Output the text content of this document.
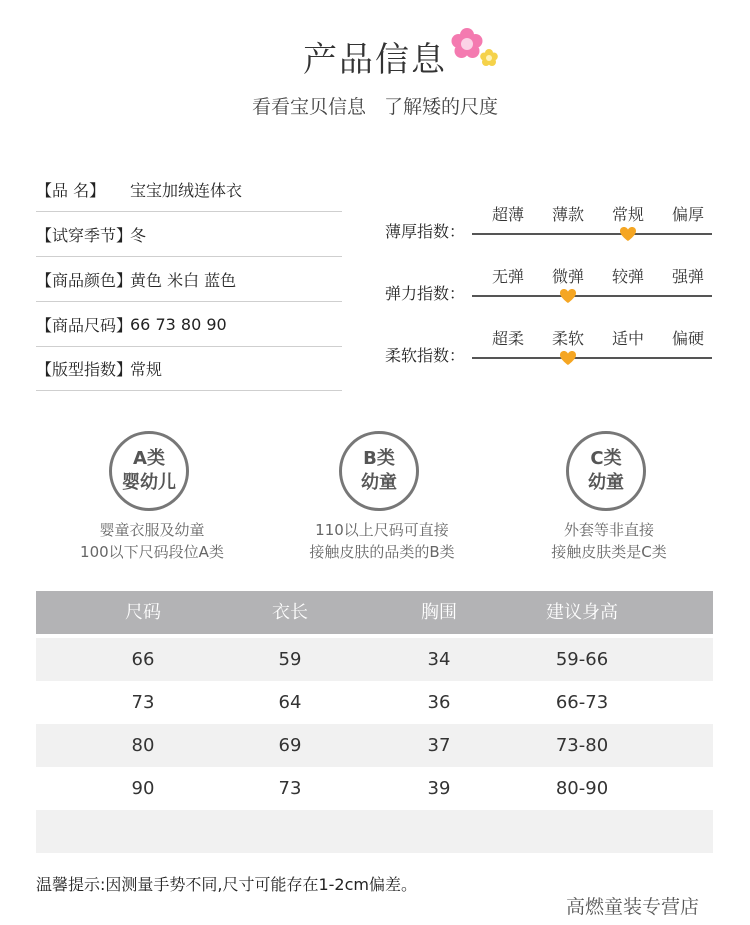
产品信息
看看宝贝信息 了解矮的尺度
【品 名】	宝宝加绒连体衣
【试穿季节】
冬
【商品颜色】
黄色 米白 蓝色
【商品尺码】
66 73 80 90
【版型指数】
常规
薄厚指数：
超薄	薄款	常规	偏厚
弹力指数：
无弹	微弹	较弹	强弹
柔软指数：
超柔	柔软	适中	偏硬
A类
婴幼儿
婴童衣服及幼童
100以下尺码段位A类
B类
幼童
110以上尺码可直接
接触皮肤的品类的B类
C类
幼童
外套等非直接
接触皮肤类是C类
尺码	衣长	胸围	建议身高
66	59	34	59-66
73	64	36	66-73
80	69	37	73-80
90	73	39	80-90
温馨提示:因测量手势不同,尺寸可能存在1-2cm偏差。
高燃童装专营店
